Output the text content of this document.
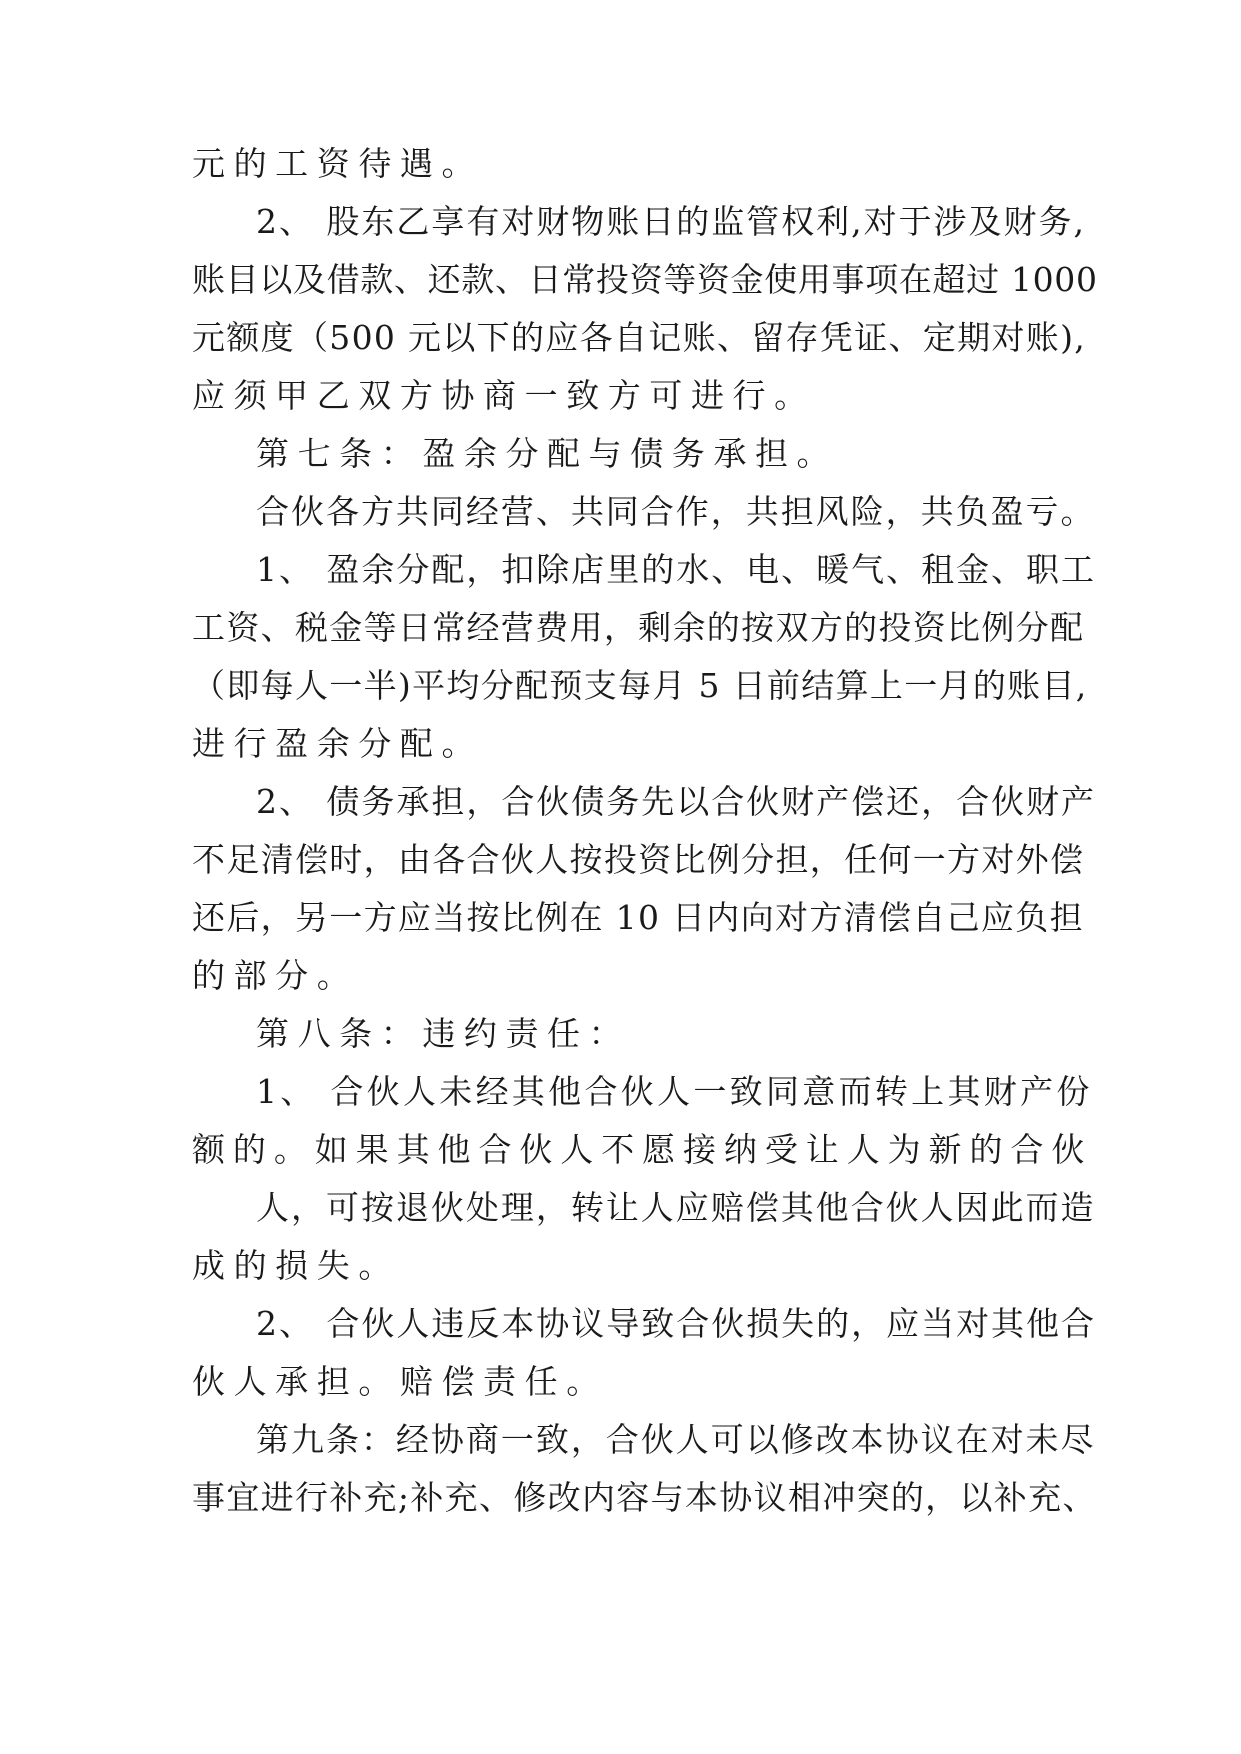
元的工资待遇。

2、 股东乙享有对财物账日的监管权利,对于涉及财务,

账目以及借款、还款、日常投资等资金使用事项在超过 1000

元额度（500 元以下的应各自记账、留存凭证、定期对账),

应须甲乙双方协商一致方可进行。

第七条：盈余分配与债务承担。

合伙各方共同经营、共同合作，共担风险，共负盈亏。

1、 盈余分配，扣除店里的水、电、暖气、租金、职工

工资、税金等日常经营费用，剩余的按双方的投资比例分配

（即每人一半)平均分配预支每月 5 日前结算上一月的账目,

进行盈余分配。

2、 债务承担，合伙债务先以合伙财产偿还，合伙财产

不足清偿时，由各合伙人按投资比例分担，任何一方对外偿

还后，另一方应当按比例在 10 日内向对方清偿自己应负担

的部分。

第八条：违约责任：

1、 合伙人未经其他合伙人一致同意而转上其财产份

额的。如果其他合伙人不愿接纳受让人为新的合伙

人，可按退伙处理，转让人应赔偿其他合伙人因此而造

成的损失。

2、 合伙人违反本协议导致合伙损失的，应当对其他合

伙人承担。赔偿责任。

第九条：经协商一致，合伙人可以修改本协议在对未尽

事宜进行补充;补充、修改内容与本协议相冲突的，以补充、
